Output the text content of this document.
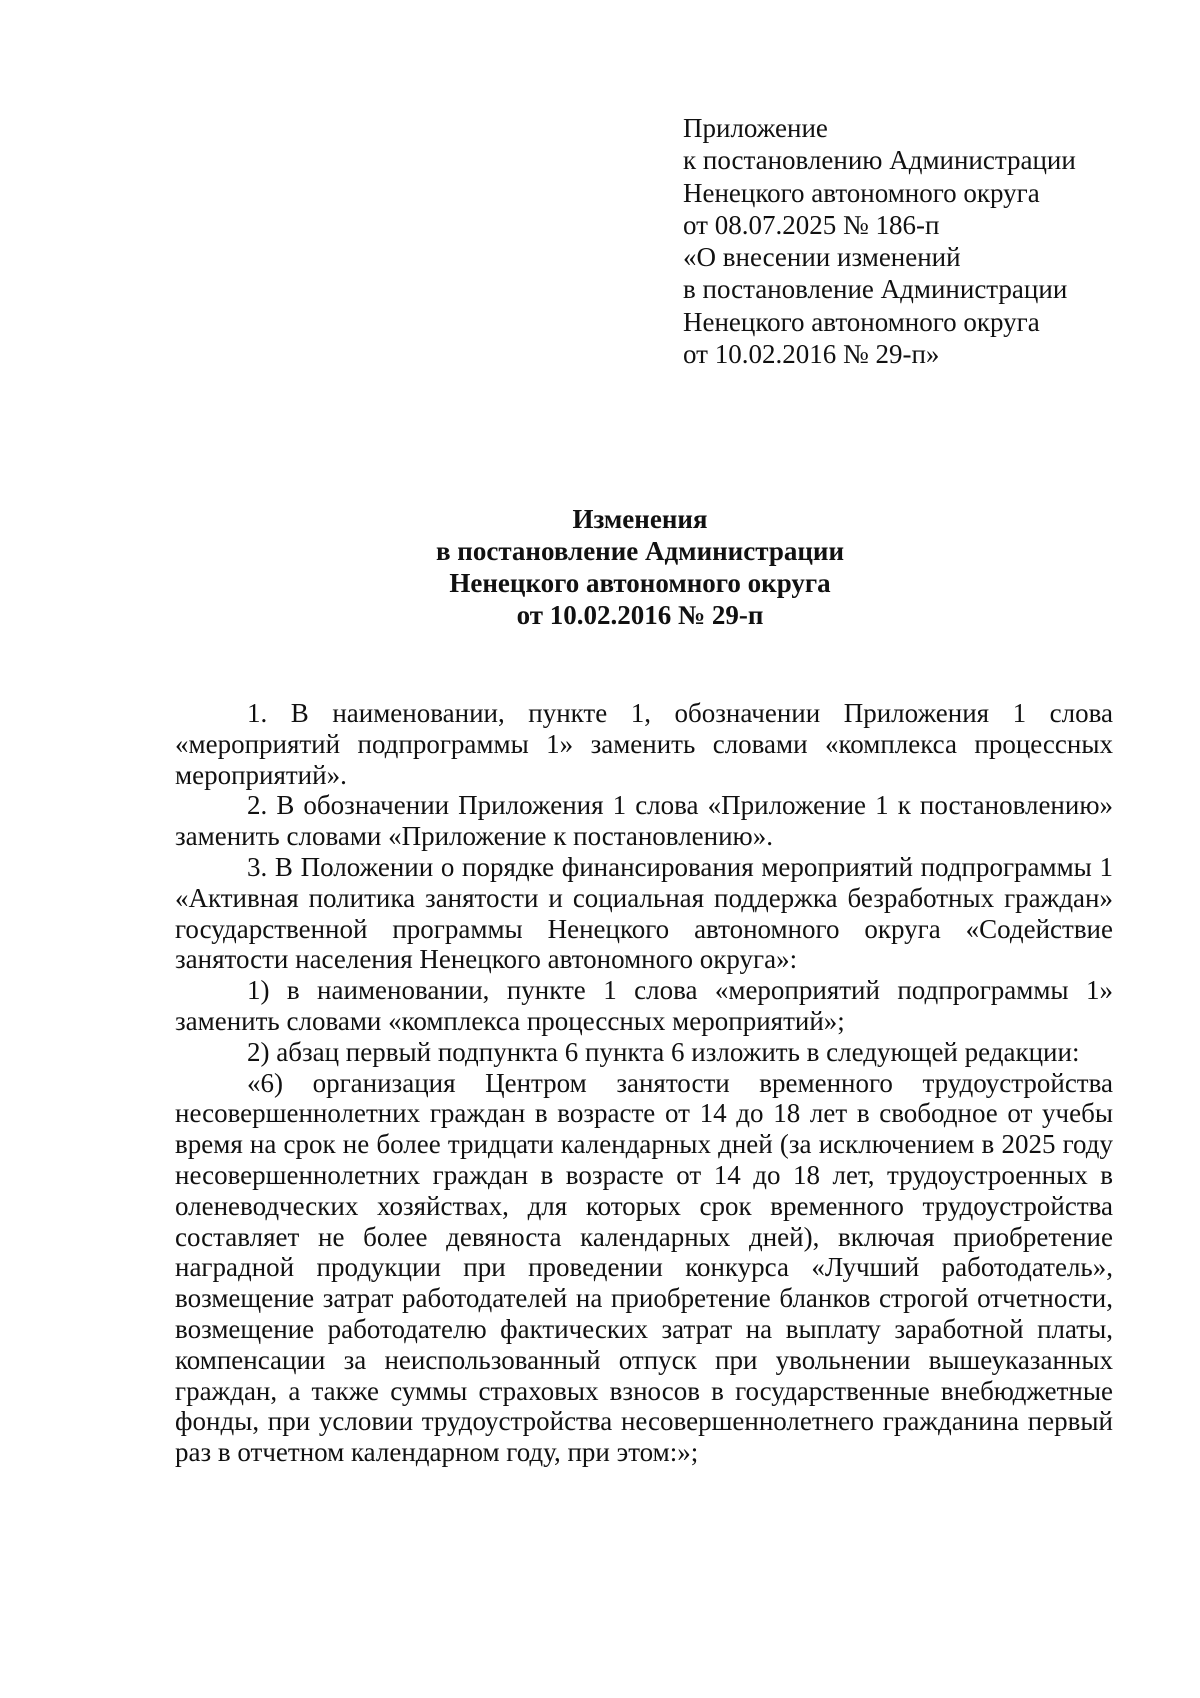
Приложение
к постановлению Администрации
Ненецкого автономного округа
от 08.07.2025 № 186-п
«О внесении изменений
в постановление Администрации
Ненецкого автономного округа
от 10.02.2016 № 29-п»
Изменения
в постановление Администрации
Ненецкого автономного округа
от 10.02.2016 № 29-п

1. В наименовании, пункте 1, обозначении Приложения 1 слова «мероприятий подпрограммы 1» заменить словами «комплекса процессных мероприятий».

2. В обозначении Приложения 1 слова «Приложение 1 к постановлению» заменить словами «Приложение к постановлению».

3. В Положении о порядке финансирования мероприятий подпрограммы 1 «Активная политика занятости и социальная поддержка безработных граждан» государственной программы Ненецкого автономного округа «Содействие занятости населения Ненецкого автономного округа»:

1) в наименовании, пункте 1 слова «мероприятий подпрограммы 1» заменить словами «комплекса процессных мероприятий»;

2) абзац первый подпункта 6 пункта 6 изложить в следующей редакции:

«6) организация Центром занятости временного трудоустройства несовершеннолетних граждан в возрасте от 14 до 18 лет в свободное от учебы время на срок не более тридцати календарных дней (за исключением в 2025 году несовершеннолетних граждан в возрасте от 14 до 18 лет, трудоустроенных в оленеводческих хозяйствах, для которых срок временного трудоустройства составляет не более девяноста календарных дней), включая приобретение наградной продукции при проведении конкурса «Лучший работодатель», возмещение затрат работодателей на приобретение бланков строгой отчетности, возмещение работодателю фактических затрат на выплату заработной платы, компенсации за неиспользованный отпуск при увольнении вышеуказанных граждан, а также суммы страховых взносов в государственные внебюджетные фонды, при условии трудоустройства несовершеннолетнего гражданина первый раз в отчетном календарном году, при этом:»;
